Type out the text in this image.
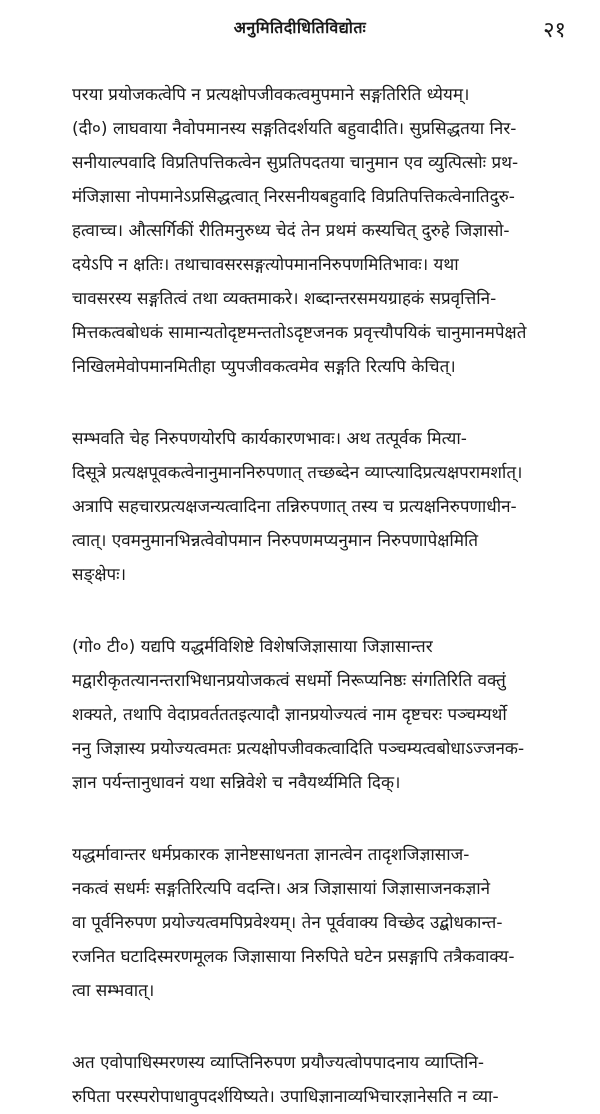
अनुमितिदीधितिविद्योतः	२१
परया प्रयोजकत्वेपि न प्रत्यक्षोपजीवकत्वमुपमाने सङ्गतिरिति ध्येयम्।
(दी०) लाघवाया नैवोपमानस्य सङ्गतिदर्शयति बहुवादीति। सुप्रसिद्धतया निर-
सनीयाल्पवादि विप्रतिपत्तिकत्वेन सुप्रतिपदतया चानुमान एव व्युत्पित्सोः प्रथ-
मंजिज्ञासा नोपमानेऽप्रसिद्धत्वात् निरसनीयबहुवादि विप्रतिपत्तिकत्वेनातिदुरु-
हत्वाच्च। औत्सर्गिकीं रीतिमनुरुध्य चेदं तेन प्रथमं कस्यचित् दुरुहे जिज्ञासो-
दयेऽपि न क्षतिः। तथाचावसरसङ्गत्योपमाननिरुपणमितिभावः। यथा
चावसरस्य सङ्गतित्वं तथा व्यक्तमाकरे। शब्दान्तरसमयग्राहकं सप्रवृत्तिनि-
मित्तकत्वबोधकं सामान्यतोदृष्टमन्ततोऽदृष्टजनक प्रवृत्त्यौपयिकं चानुमानमपेक्षते
निखिलमेवोपमानमितीहा प्युपजीवकत्वमेव सङ्गति रित्यपि केचित्।
सम्भवति चेह निरुपणयोरपि कार्यकारणभावः। अथ तत्पूर्वक मित्या-
दिसूत्रे प्रत्यक्षपूवकत्वेनानुमाननिरुपणात् तच्छब्देन व्याप्त्यादिप्रत्यक्षपरामर्शात्।
अत्रापि सहचारप्रत्यक्षजन्यत्वादिना तन्निरुपणात् तस्य च प्रत्यक्षनिरुपणाधीन-
त्वात्। एवमनुमानभिन्नत्वेवोपमान निरुपणमप्यनुमान निरुपणापेक्षमिति
सङ्क्षेपः।
(गो० टी०) यद्यपि यद्धर्मविशिष्टे विशेषजिज्ञासाया जिज्ञासान्तर
मद्वारीकृतत्यानन्तराभिधानप्रयोजकत्वं सधर्मो निरूप्यनिष्ठः संगतिरिति वक्तुं
शक्यते, तथापि वेदाप्रवर्तततइत्यादौ ज्ञानप्रयोज्यत्वं नाम दृष्टचरः पञ्चम्यर्थो
ननु जिज्ञास्य प्रयोज्यत्वमतः प्रत्यक्षोपजीवकत्वादिति पञ्चम्यत्वबोधाऽज्जनक-
ज्ञान पर्यन्तानुधावनं यथा सन्निवेशे च नवैयर्थ्यमिति दिक्।
यद्धर्मावान्तर धर्मप्रकारक ज्ञानेष्टसाधनता ज्ञानत्वेन तादृशजिज्ञासाज-
नकत्वं सधर्मः सङ्गतिरित्यपि वदन्ति। अत्र जिज्ञासायां जिज्ञासाजनकज्ञाने
वा पूर्वनिरुपण प्रयोज्यत्वमपिप्रवेश्यम्। तेन पूर्ववाक्य विच्छेद उद्बोधकान्त-
रजनित घटादिस्मरणमूलक जिज्ञासाया निरुपिते घटेन प्रसङ्गापि तत्रैकवाक्य-
त्वा सम्भवात्।
अत एवोपाधिस्मरणस्य व्याप्तिनिरुपण प्रयौज्यत्वोपपादनाय व्याप्तिनि-
रुपिता परस्परोपाधावुपदर्शयिष्यते। उपाधिज्ञानाव्यभिचारज्ञानेसति न व्या-
